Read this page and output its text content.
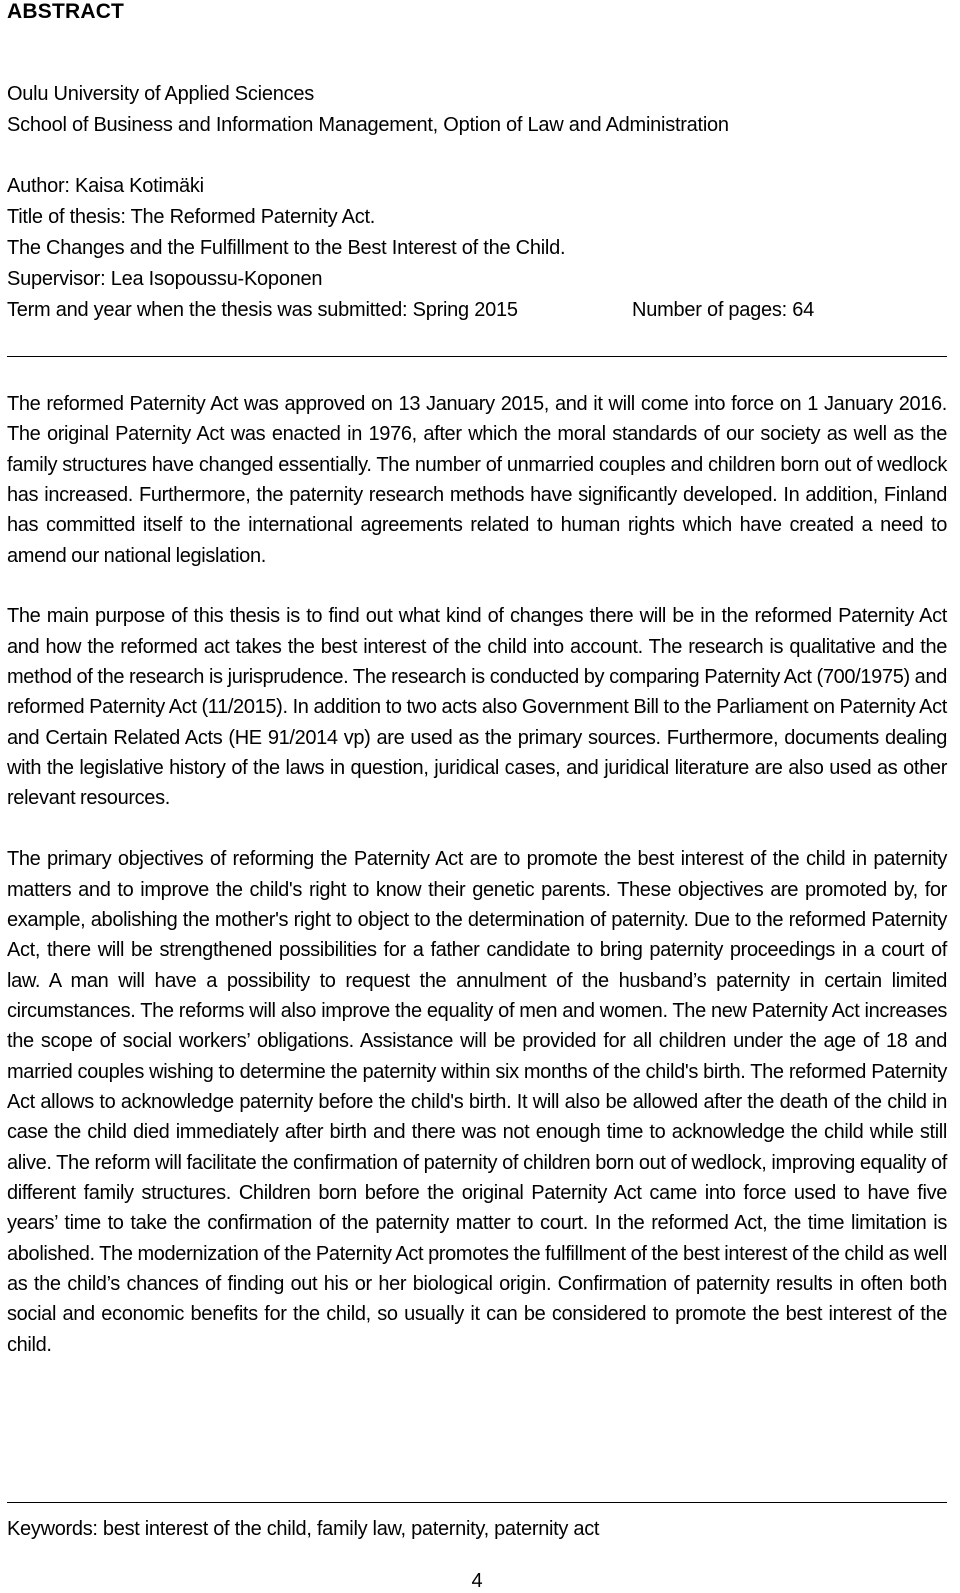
ABSTRACT
Oulu University of Applied Sciences
School of Business and Information Management, Option of Law and Administration
Author: Kaisa Kotimäki
Title of thesis: The Reformed Paternity Act.
The Changes and the Fulfillment to the Best Interest of the Child.
Supervisor: Lea Isopoussu-Koponen
Term and year when the thesis was submitted: Spring 2015	Number of pages: 64

The reformed Paternity Act was approved on 13 January 2015, and it will come into force on 1 January 2016. The original Paternity Act was enacted in 1976, after which the moral standards of our society as well as the family structures have changed essentially. The number of unmarried couples and children born out of wedlock has increased. Furthermore, the paternity research methods have significantly developed. In addition, Finland has committed itself to the international agreements related to human rights which have created a need to amend our national legislation.

The main purpose of this thesis is to find out what kind of changes there will be in the reformed Paternity Act and how the reformed act takes the best interest of the child into account. The research is qualitative and the method of the research is jurisprudence. The research is conducted by comparing Paternity Act (700/1975) and reformed Paternity Act (11/2015). In addition to two acts also Government Bill to the Parliament on Paternity Act and Certain Related Acts (HE 91/2014 vp) are used as the primary sources. Furthermore, documents dealing with the legislative history of the laws in question, juridical cases, and juridical literature are also used as other relevant resources.

The primary objectives of reforming the Paternity Act are to promote the best interest of the child in paternity matters and to improve the child's right to know their genetic parents. These objectives are promoted by, for example, abolishing the mother's right to object to the determination of paternity. Due to the reformed Paternity Act, there will be strengthened possibilities for a father candidate to bring paternity proceedings in a court of law. A man will have a possibility to request the annulment of the husband’s paternity in certain limited circumstances. The reforms will also improve the equality of men and women. The new Paternity Act increases the scope of social workers’ obligations. Assistance will be provided for all children under the age of 18 and married couples wishing to determine the paternity within six months of the child's birth. The reformed Paternity Act allows to acknowledge paternity before the child's birth. It will also be allowed after the death of the child in case the child died immediately after birth and there was not enough time to acknowledge the child while still alive. The reform will facilitate the confirmation of paternity of children born out of wedlock, improving equality of different family structures. Children born before the original Paternity Act came into force used to have five years’ time to take the confirmation of the paternity matter to court. In the reformed Act, the time limitation is abolished. The modernization of the Paternity Act promotes the fulfillment of the best interest of the child as well as the child’s chances of finding out his or her biological origin. Confirmation of paternity results in often both social and economic benefits for the child, so usually it can be considered to promote the best interest of the child.

Keywords: best interest of the child, family law, paternity, paternity act
4
